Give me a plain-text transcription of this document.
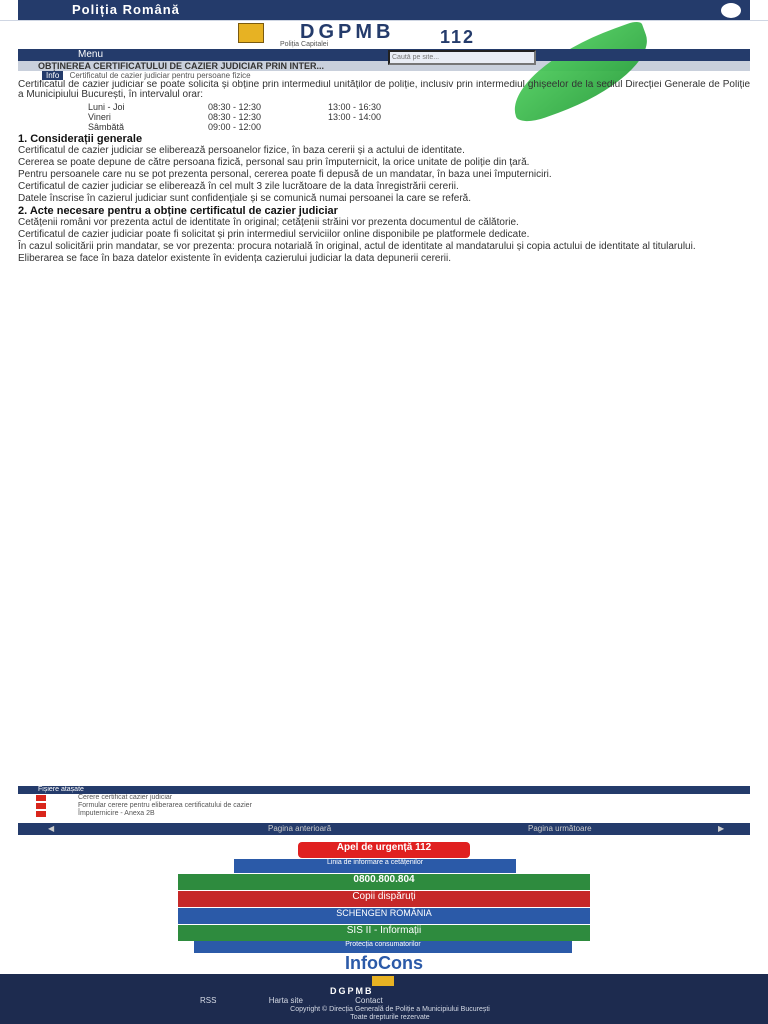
Poliția Română
DGPMB
Poliția Capitalei	112
Menu
Caută pe site...
OBȚINEREA CERTIFICATULUI DE CAZIER JUDICIAR PRIN INTER...
Info Certificatul de cazier judiciar pentru persoane fizice

Certificatul de cazier judiciar se poate solicita și obține prin intermediul unităților de poliție, inclusiv prin intermediul ghișeelor de la sediul Direcției Generale de Poliție a Municipiului București, în intervalul orar:

Luni - Joi	08:30 - 12:30	13:00 - 16:30
Vineri	08:30 - 12:30	13:00 - 14:00
Sâmbătă	09:00 - 12:00
1. Considerații generale

Certificatul de cazier judiciar se eliberează persoanelor fizice, în baza cererii și a actului de identitate.

Cererea se poate depune de către persoana fizică, personal sau prin împuternicit, la orice unitate de poliție din țară.

Pentru persoanele care nu se pot prezenta personal, cererea poate fi depusă de un mandatar, în baza unei împuterniciri.

Certificatul de cazier judiciar se eliberează în cel mult 3 zile lucrătoare de la data înregistrării cererii.

Datele înscrise în cazierul judiciar sunt confidențiale și se comunică numai persoanei la care se referă.

2. Acte necesare pentru a obține certificatul de cazier judiciar

Cetățenii români vor prezenta actul de identitate în original; cetățenii străini vor prezenta documentul de călătorie.

Certificatul de cazier judiciar poate fi solicitat și prin intermediul serviciilor online disponibile pe platformele dedicate.

În cazul solicitării prin mandatar, se vor prezenta: procura notarială în original, actul de identitate al mandatarului și copia actului de identitate al titularului.

Eliberarea se face în baza datelor existente în evidența cazierului judiciar la data depunerii cererii.

Fișiere atașate
Cerere certificat cazier judiciar
Formular cerere pentru eliberarea certificatului de cazier
Împuternicire - Anexa 2B
◀	Pagina anterioară	Pagina următoare	▶
Apel de urgență 112
Linia de informare a cetățenilor
0800.800.804
Copii dispăruți
SCHENGEN ROMÂNIA
SIS II - Informații
Protecția consumatorilor
InfoCons
DGPMB
RSS	Harta site	Contact
Copyright © Direcția Generală de Poliție a Municipiului București
Toate drepturile rezervate
